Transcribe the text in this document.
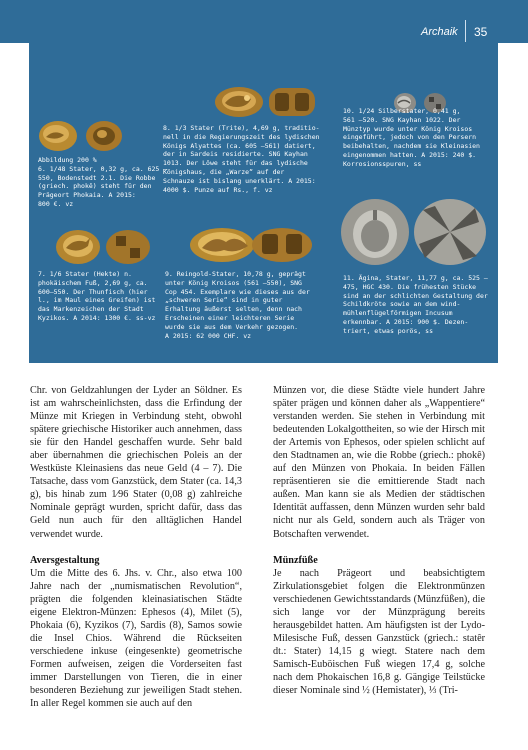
Archaik 35
Abbildung 200 %
6. 1/48 Stater, 0,32 g, ca. 625 –
550, Bodenstedt 2.1. Die Robbe
(griech. phokê) steht für den
Prägeort Phokaia. A 2015:
800 €. vz
7. 1/6 Stater (Hekte) n.
phokäischem Fuß, 2,69 g, ca.
600–550. Der Thunfisch (hier
l., im Maul eines Greifen) ist
das Markenzeichen der Stadt
Kyzikos. A 2014: 1300 €. ss-vz
8. 1/3 Stater (Trite), 4,69 g, traditio-
nell in die Regierungszeit des lydischen
Königs Alyattes (ca. 605 –561) datiert,
der in Sardeis residierte. SNG Kayhan
1013. Der Löwe steht für das lydische
Königshaus, die „Warze“ auf der
Schnauze ist bislang unerklärt. A 2015:
4000 $. Punze auf Rs., f. vz
9. Reingold-Stater, 10,78 g, geprägt
unter König Kroisos (561 –550), SNG
Cop 454. Exemplare wie dieses aus der
„schweren Serie“ sind in guter
Erhaltung äußerst selten, denn nach
Erscheinen einer leichteren Serie
wurde sie aus dem Verkehr gezogen.
A 2015: 62 000 CHF. vz
10. 1/24 Silberstater, 0,41 g,
561 –520. SNG Kayhan 1022. Der
Münztyp wurde unter König Kroisos
eingeführt, jedoch von den Persern
beibehalten, nachdem sie Kleinasien
eingenommen hatten. A 2015: 240 $.
Korrosionsspuren, ss
11. Ägina, Stater, 11,77 g, ca. 525 –
475, HGC 430. Die frühesten Stücke
sind an der schlichten Gestaltung der
Schildkröte sowie an dem wind-
mühlenflügelförmigen Incusum
erkennbar. A 2015: 900 $. Dezen-
triert, etwas porös, ss

Chr. von Geldzahlungen der Lyder an Söldner. Es ist am wahrscheinlichsten, dass die Erfindung der Münze mit Kriegen in Verbindung steht, obwohl spätere griechische Historiker auch annehmen, dass sie für den Handel geschaffen wurde. Sehr bald aber übernahmen die griechischen Poleis an der Westküste Kleinasiens das neue Geld (4 – 7). Die Tatsache, dass vom Ganzstück, dem Stater (ca. 14,3 g), bis hinab zum 1⁄96 Stater (0,08 g) zahlreiche Nominale geprägt wurden, spricht dafür, dass das Geld nun auch für den alltäglichen Handel verwendet wurde.

Aversgestaltung

Um die Mitte des 6. Jhs. v. Chr., also etwa 100 Jahre nach der „numismatischen Revolution“, prägten die folgenden kleinasiatischen Städte eigene Elektron-Münzen: Ephesos (4), Milet (5), Phokaia (6), Kyzikos (7), Sardis (8), Samos sowie die Insel Chios. Während die Rückseiten verschiedene inkuse (eingesenkte) geometrische Formen aufweisen, zeigen die Vorderseiten fast immer Darstellungen von Tieren, die in einer besonderen Beziehung zur jeweiligen Stadt stehen. In aller Regel kommen sie auch auf den

Münzen vor, die diese Städte viele hundert Jahre später prägen und können daher als „Wappentiere“ verstanden werden. Sie stehen in Verbindung mit bedeutenden Lokalgottheiten, so wie der Hirsch mit der Artemis von Ephesos, oder spielen schlicht auf den Stadtnamen an, wie die Robbe (griech.: phokê) auf den Münzen von Phokaia. In beiden Fällen repräsentieren sie die emittierende Stadt nach außen. Man kann sie als Medien der städtischen Identität auffassen, denn Münzen wurden sehr bald nicht nur als Geld, sondern auch als Träger von Botschaften verwendet.

Münzfüße

Je nach Prägeort und beabsichtigtem Zirkulationsgebiet folgen die Elektronmünzen verschiedenen Gewichtsstandards (Münzfüßen), die sich lange vor der Münzprägung bereits herausgebildet hatten. Am häufigsten ist der Lydo-Milesische Fuß, dessen Ganzstück (griech.: statêr dt.: Stater) 14,15 g wiegt. Statere nach dem Samisch-Euböischen Fuß wiegen 17,4 g, solche nach dem Phokaischen 16,8 g. Gängige Teilstücke dieser Nominale sind ½ (Hemistater), ⅓ (Tri-
